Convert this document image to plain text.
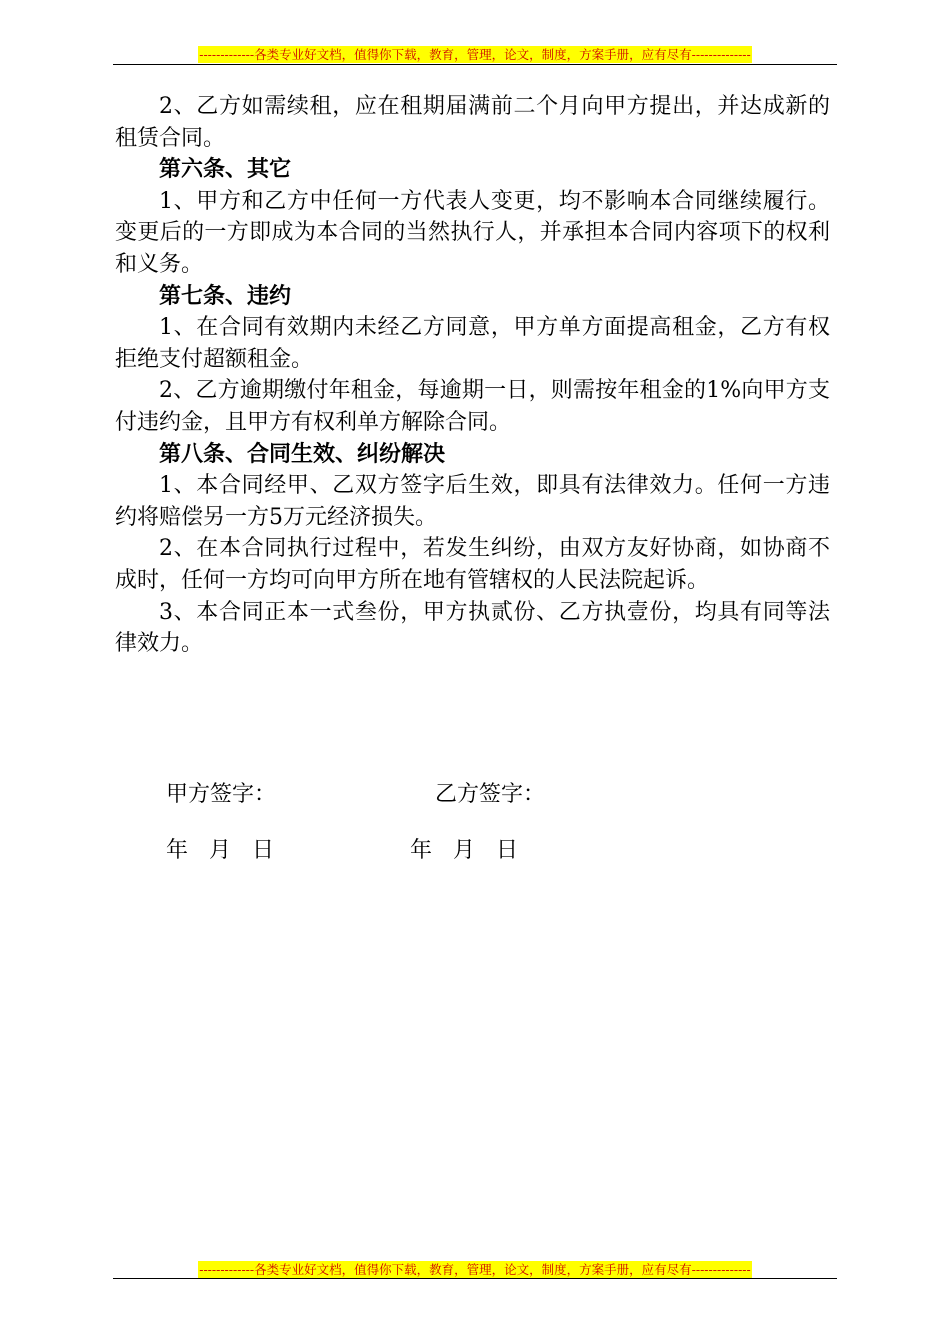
-------------各类专业好文档，值得你下载，教育，管理，论文，制度，方案手册，应有尽有--------------

2、乙方如需续租，应在租期届满前二个月向甲方提出，并达成新的租赁合同。

第六条、其它

1、甲方和乙方中任何一方代表人变更，均不影响本合同继续履行。变更后的一方即成为本合同的当然执行人，并承担本合同内容项下的权利和义务。

第七条、违约

1、在合同有效期内未经乙方同意，甲方单方面提高租金，乙方有权拒绝支付超额租金。

2、乙方逾期缴付年租金，每逾期一日，则需按年租金的1%向甲方支付违约金，且甲方有权利单方解除合同。

第八条、合同生效、纠纷解决

1、本合同经甲、乙双方签字后生效，即具有法律效力。任何一方违约将赔偿另一方5万元经济损失。

2、在本合同执行过程中，若发生纠纷，由双方友好协商，如协商不成时，任何一方均可向甲方所在地有管辖权的人民法院起诉。

3、本合同正本一式叁份，甲方执贰份、乙方执壹份，均具有同等法律效力。

甲方签字：	乙方签字：
年   月   日	年   月   日
-------------各类专业好文档，值得你下载，教育，管理，论文，制度，方案手册，应有尽有--------------
